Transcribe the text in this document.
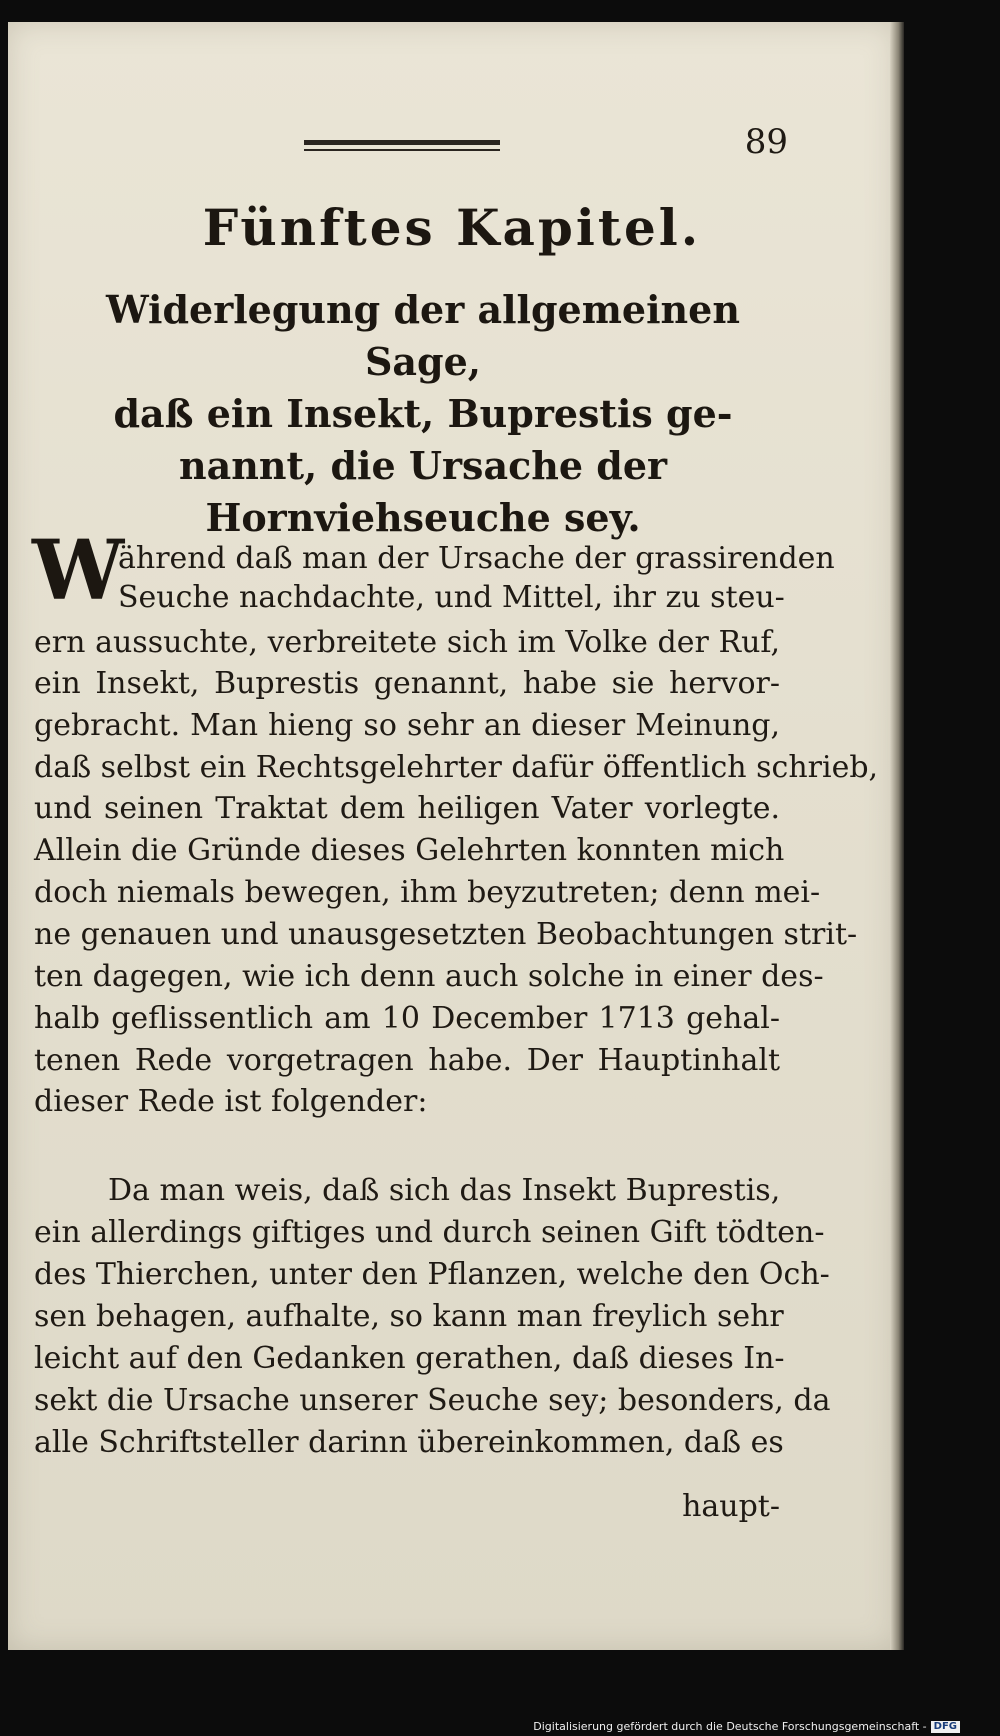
89
Fünftes Kapitel.
Widerlegung der allgemeinen Sage,
daß ein Insekt, Buprestis ge-
nannt, die Ursache der
Hornviehseuche sey.
W
ährend daß man der Ursache der grassirenden
Seuche nachdachte, und Mittel, ihr zu steu-
ern aussuchte, verbreitete sich im Volke der Ruf,
ein Insekt, Buprestis genannt, habe sie hervor-
gebracht. Man hieng so sehr an dieser Meinung,
daß selbst ein Rechtsgelehrter dafür öffentlich schrieb,
und seinen Traktat dem heiligen Vater vorlegte.
Allein die Gründe dieses Gelehrten konnten mich
doch niemals bewegen, ihm beyzutreten; denn mei-
ne genauen und unausgesetzten Beobachtungen strit-
ten dagegen, wie ich denn auch solche in einer des-
halb geflissentlich am 10 December 1713 gehal-
tenen Rede vorgetragen habe. Der Hauptinhalt
dieser Rede ist folgender:
Da man weis, daß sich das Insekt Buprestis,
ein allerdings giftiges und durch seinen Gift tödten-
des Thierchen, unter den Pflanzen, welche den Och-
sen behagen, aufhalte, so kann man freylich sehr
leicht auf den Gedanken gerathen, daß dieses In-
sekt die Ursache unserer Seuche sey; besonders, da
alle Schriftsteller darinn übereinkommen, daß es
haupt-
Digitalisierung gefördert durch die Deutsche Forschungsgemeinschaft - DFG
